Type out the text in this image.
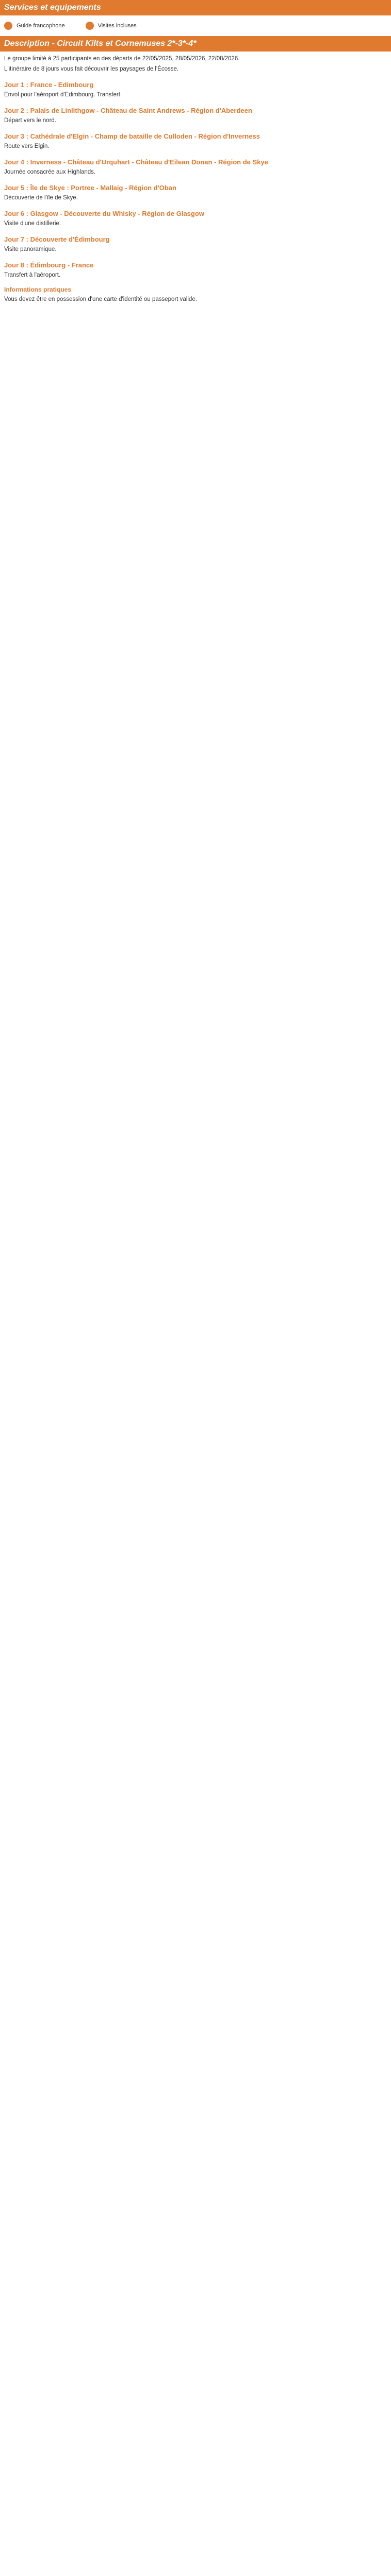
Services et equipements
Guide francophone	Visites incluses
Description - Circuit Kilts et Cornemuses 2*-3*-4*

Le groupe limité à 25 participants en des départs de 22/05/2025, 28/05/2026, 22/08/2026.

L'itinéraire de 8 jours vous fait découvrir les paysages de l'Écosse.

Jour 1 : France - Edimbourg

Envol pour l'aéroport d'Edimbourg. Transfert.

Jour 2 : Palais de Linlithgow - Château de Saint Andrews - Région d'Aberdeen

Départ vers le nord.

Jour 3 : Cathédrale d'Elgin - Champ de bataille de Culloden - Région d'Inverness

Route vers Elgin.

Jour 4 : Inverness - Château d'Urquhart - Château d'Eilean Donan - Région de Skye

Journée consacrée aux Highlands.

Jour 5 : Île de Skye : Portree - Mallaig - Région d'Oban

Découverte de l'île de Skye.

Jour 6 : Glasgow - Découverte du Whisky - Région de Glasgow

Visite d'une distillerie.

Jour 7 : Découverte d'Édimbourg

Visite panoramique.

Jour 8 : Édimbourg - France

Transfert à l'aéroport.

Informations pratiques

Vous devez être en possession d'une carte d'identité ou passeport valide.
